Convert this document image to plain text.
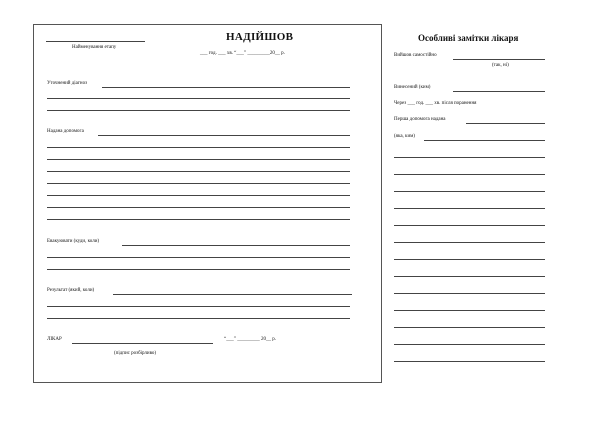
Найменування етапу
НАДІЙШОВ
___ год. ___ хв. “___” _________20__ р.
Уточнений діагноз
Надана допомога
Евакуювати (куди, коли)
Результат (який, коли)
ЛІКАР	“___” _________ 20__ р.
(підпис розбірливо)
Особливі замітки лікаря
Вийшов самостійно
(так, ні)
Винесений (ким)
Через ___ год. ___ хв. після поранення
Перша допомога надана
(яка, ким)
